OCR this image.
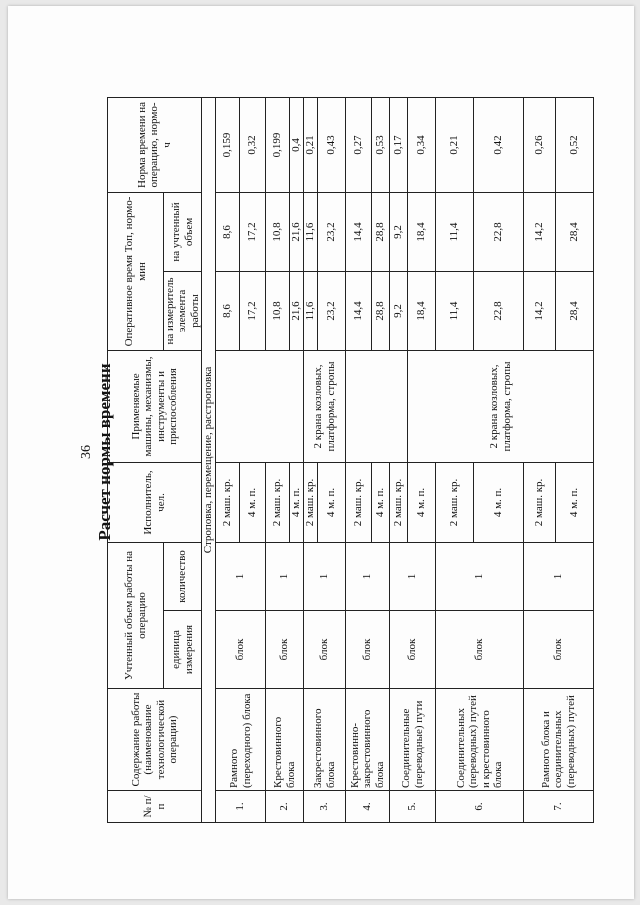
36 Расчет нормы времени
№ п/п	Содержание работы (наименование технологической операции)	Учтенный объем работы на операцию		Исполнитель, чел.	Применяемые машины, механизмы, инструменты и приспособления	Оперативное время Топ, нормо-мин		Норма времени на операцию, нормо-ч
		единица измерения	количество			на измеритель элемента работы	на учтенный объем	
Строповка, перемещение, расстроповка								
1.	Рамного (переходного) блока	блок	1	2 маш. кр.		8,6	8,6	0,159
				4 м. п.		17,2	17,2	0,32
2.	Крестовинного блока	блок	1	2 маш. кр.		10,8	10,8	0,199
				4 м. п.		21,6	21,6	0,4
3.	Закрестовинного блока	блок	1	2 маш. кр.	2 крана козловых, платформа, стропы	11,6	11,6	0,21
				4 м. п.		23,2	23,2	0,43
4.	Крестовинно-закрестовинного блока	блок	1	2 маш. кр.		14,4	14,4	0,27
				4 м. п.		28,8	28,8	0,53
5.	Соединительные (переводные) пути	блок	1	2 маш. кр.		9,2	9,2	0,17
				4 м. п.	2 крана козловых, платформа, стропы	18,4	18,4	0,34
6.	Соединительных (переводных) путей и крестовинного блока	блок	1	2 маш. кр.		11,4	11,4	0,21
				4 м. п.		22,8	22,8	0,42
7.	Рамного блока и соединительных (переводных) путей	блок	1	2 маш. кр.		14,2	14,2	0,26
				4 м. п.		28,4	28,4	0,52
